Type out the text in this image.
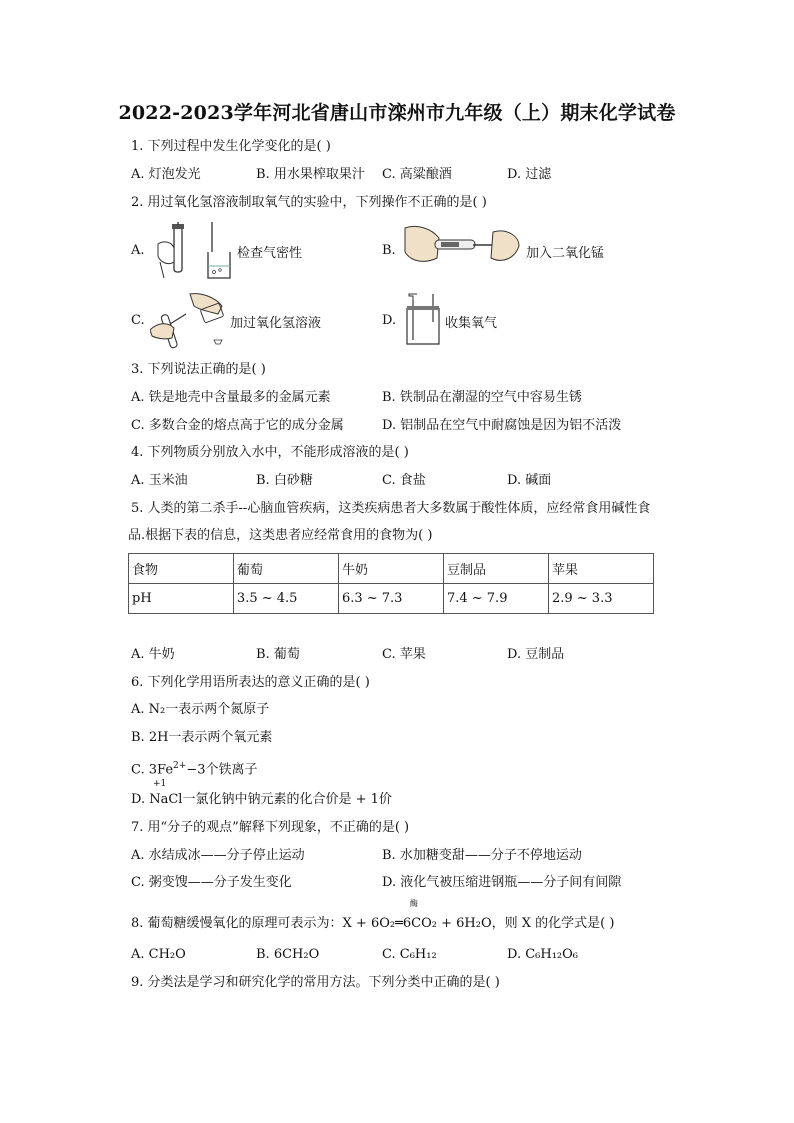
2022-2023学年河北省唐山市滦州市九年级（上）期末化学试卷
1. 下列过程中发生化学变化的是( )
A. 灯泡发光	B. 用水果榨取果汁 C. 高粱酿酒	D. 过滤
2. 用过氧化氢溶液制取氧气的实验中，下列操作不正确的是( )
A.	检查气密性	B.	加入二氧化锰
C.	加过氧化氢溶液	D.	收集氧气
3. 下列说法正确的是( )
A. 铁是地壳中含量最多的金属元素	B. 铁制品在潮湿的空气中容易生锈
C. 多数合金的熔点高于它的成分金属	D. 铝制品在空气中耐腐蚀是因为铝不活泼
4. 下列物质分别放入水中，不能形成溶液的是( )
A. 玉米油	B. 白砂糖	C. 食盐	D. 碱面
5. 人类的第二杀手--心脑血管疾病，这类疾病患者大多数属于酸性体质，应经常食用碱性食
品.根据下表的信息，这类患者应经常食用的食物为( )
食物	葡萄	牛奶	豆制品	苹果
pH	3.5 ~ 4.5	6.3 ~ 7.3	7.4 ~ 7.9	2.9 ~ 3.3
A. 牛奶	B. 葡萄	C. 苹果	D. 豆制品
6. 下列化学用语所表达的意义正确的是( )
A. N₂一表示两个氮原子
B. 2H一表示两个氧元素
C. $3Fe^{2+}-3$个铁离子
+1
D. NaCl一氯化钠中钠元素的化合价是 + 1价
7. 用“分子的观点”解释下列现象，不正确的是( )
A. 水结成冰——分子停止运动	B. 水加糖变甜——分子不停地运动
C. 粥变馊——分子发生变化	D. 液化气被压缩进钢瓶——分子间有间隙
酶
8. 葡萄糖缓慢氧化的原理可表示为：X + 6O₂═6CO₂ + 6H₂O，则 X 的化学式是( )
A. CH₂O	B. 6CH₂O	C. C₆H₁₂	D. C₆H₁₂O₆
9. 分类法是学习和研究化学的常用方法。下列分类中正确的是( )
